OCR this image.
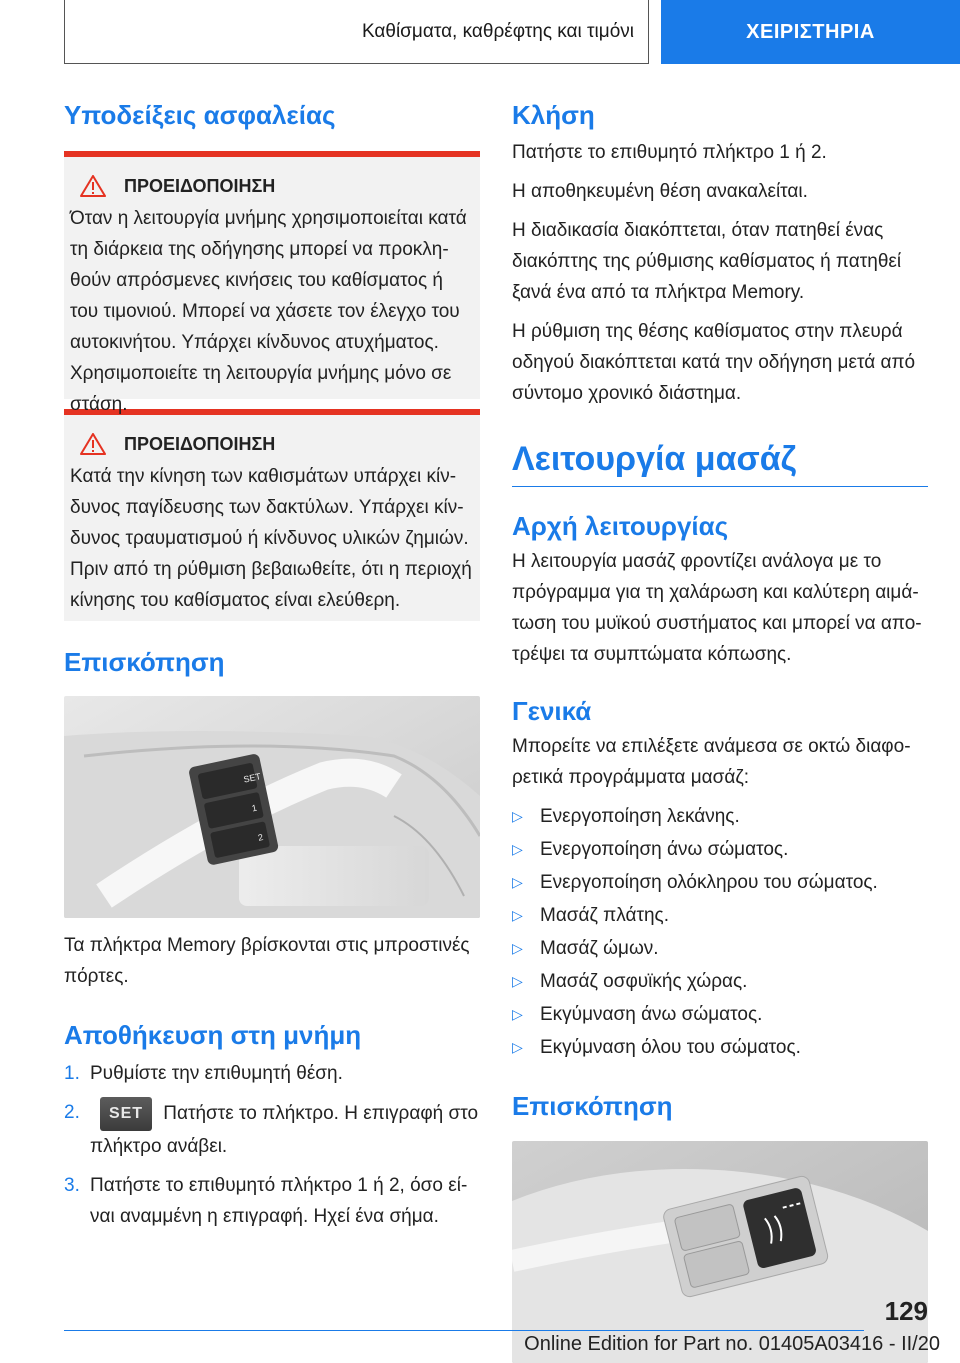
Καθίσματα, καθρέφτης και τιμόνι	ΧΕΙΡΙΣΤΗΡΙΑ
Υποδείξεις ασφαλείας
ΠΡΟΕΙΔΟΠΟΙΗΣΗ
Όταν η λειτουργία μνήμης χρησιμοποιείται κατά τη διάρκεια της οδήγησης μπορεί να προκλη-θούν απρόσμενες κινήσεις του καθίσματος ή του τιμονιού. Μπορεί να χάσετε τον έλεγχο του αυτοκινήτου. Υπάρχει κίνδυνος ατυχήματος. Χρησιμοποιείτε τη λειτουργία μνήμης μόνο σε στάση.
ΠΡΟΕΙΔΟΠΟΙΗΣΗ
Κατά την κίνηση των καθισμάτων υπάρχει κίν-δυνος παγίδευσης των δακτύλων. Υπάρχει κίν-δυνος τραυματισμού ή κίνδυνος υλικών ζημιών. Πριν από τη ρύθμιση βεβαιωθείτε, ότι η περιοχή κίνησης του καθίσματος είναι ελεύθερη.
Επισκόπηση
SET
1
2

Τα πλήκτρα Memory βρίσκονται στις μπροστινές πόρτες.

Αποθήκευση στη μνήμη
1. Ρυθμίστε την επιθυμητή θέση.
2.	SET Πατήστε το πλήκτρο. Η επιγραφή στο πλήκτρο ανάβει.
3. Πατήστε το επιθυμητό πλήκτρο 1 ή 2, όσο εί-ναι αναμμένη η επιγραφή. Ηχεί ένα σήμα.
Κλήση

Πατήστε το επιθυμητό πλήκτρο 1 ή 2.

Η αποθηκευμένη θέση ανακαλείται.

Η διαδικασία διακόπτεται, όταν πατηθεί ένας διακόπτης της ρύθμισης καθίσματος ή πατηθεί ξανά ένα από τα πλήκτρα Memory.

Η ρύθμιση της θέσης καθίσματος στην πλευρά οδηγού διακόπτεται κατά την οδήγηση μετά από σύντομο χρονικό διάστημα.

Λειτουργία μασάζ
Αρχή λειτουργίας

Η λειτουργία μασάζ φροντίζει ανάλογα με το πρόγραμμα για τη χαλάρωση και καλύτερη αιμά-τωση του μυϊκού συστήματος και μπορεί να απο-τρέψει τα συμπτώματα κόπωσης.

Γενικά

Μπορείτε να επιλέξετε ανάμεσα σε οκτώ διαφο-ρετικά προγράμματα μασάζ:

▷ Ενεργοποίηση λεκάνης.
▷ Ενεργοποίηση άνω σώματος.
▷ Ενεργοποίηση ολόκληρου του σώματος.
▷ Μασάζ πλάτης.
▷ Μασάζ ώμων.
▷ Μασάζ οσφυϊκής χώρας.
▷ Εκγύμναση άνω σώματος.
▷ Εκγύμναση όλου του σώματος.
Επισκόπηση
129
Online Edition for Part no. 01405A03416 - II/20
